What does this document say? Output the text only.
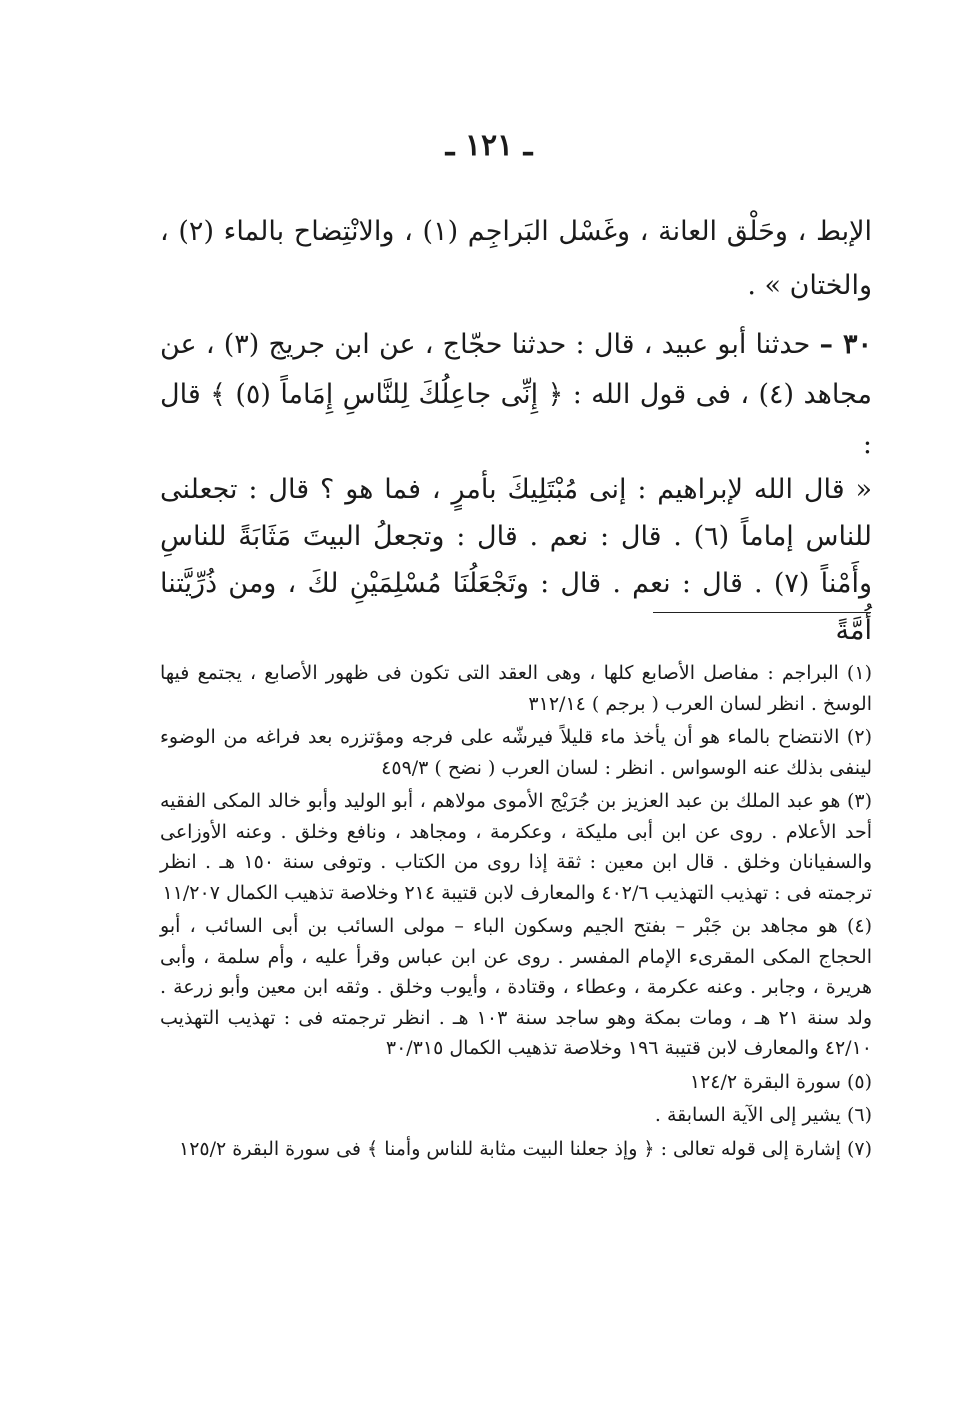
ـ ١٢١ ـ

الإبط ، وحَلْق العانة ، وغَسْل البَراجِم (١) ، والانْتِضاح بالماء (٢) ، والختان » .

٣٠ – حدثنا أبو عبيد ، قال : حدثنا حجّاج ، عن ابن جريج (٣) ، عن مجاهد (٤) ، فى قول الله : ﴿ إِنِّى جاعِلُكَ لِلنَّاسِ إِمَاماً (٥) ﴾ قال :

« قال الله لإبراهيم : إنى مُبْتَلِيكَ بأمرٍ ، فما هو ؟ قال : تجعلنى للناس إماماً (٦) . قال : نعم . قال : وتجعلُ البيتَ مَثَابَةً للناسِ وأَمْناً (٧) . قال : نعم . قال : وتَجْعَلُنَا مُسْلِمَيْنِ لكَ ، ومن ذُرِّيَّتنا أُمَّةً

(١) البراجم : مفاصل الأصابع كلها ، وهى العقد التى تكون فى ظهور الأصابع ، يجتمع فيها الوسخ . انظر لسان العرب ( برجم ) ٣١٢/١٤

(٢) الانتضاح بالماء هو أن يأخذ ماء قليلاً فيرشّه على فرجه ومؤتزره بعد فراغه من الوضوء لينفى بذلك عنه الوسواس . انظر : لسان العرب ( نضح ) ٤٥٩/٣

(٣) هو عبد الملك بن عبد العزيز بن جُرَيْج الأموى مولاهم ، أبو الوليد وأبو خالد المكى الفقيه أحد الأعلام . روى عن ابن أبى مليكة ، وعكرمة ، ومجاهد ، ونافع وخلق . وعنه الأوزاعى والسفيانان وخلق . قال ابن معين : ثقة إذا روى من الكتاب . وتوفى سنة ١٥٠ هـ . انظر ترجمته فى : تهذيب التهذيب ٤٠٢/٦ والمعارف لابن قتيبة ٢١٤ وخلاصة تذهيب الكمال ١١/٢٠٧

(٤) هو مجاهد بن جَبْر – بفتح الجيم وسكون الباء – مولى السائب بن أبى السائب ، أبو الحجاج المكى المقرىء الإمام المفسر . روى عن ابن عباس وقرأ عليه ، وأم سلمة ، وأبى هريرة ، وجابر . وعنه عكرمة ، وعطاء ، وقتادة ، وأيوب وخلق . وثقه ابن معين وأبو زرعة . ولد سنة ٢١ هـ ، ومات بمكة وهو ساجد سنة ١٠٣ هـ . انظر ترجمته فى : تهذيب التهذيب ٤٢/١٠ والمعارف لابن قتيبة ١٩٦ وخلاصة تذهيب الكمال ٣٠/٣١٥

(٥) سورة البقرة ١٢٤/٢

(٦) يشير إلى الآية السابقة .

(٧) إشارة إلى قوله تعالى : ﴿ وإذ جعلنا البيت مثابة للناس وأمنا ﴾ فى سورة البقرة ١٢٥/٢
